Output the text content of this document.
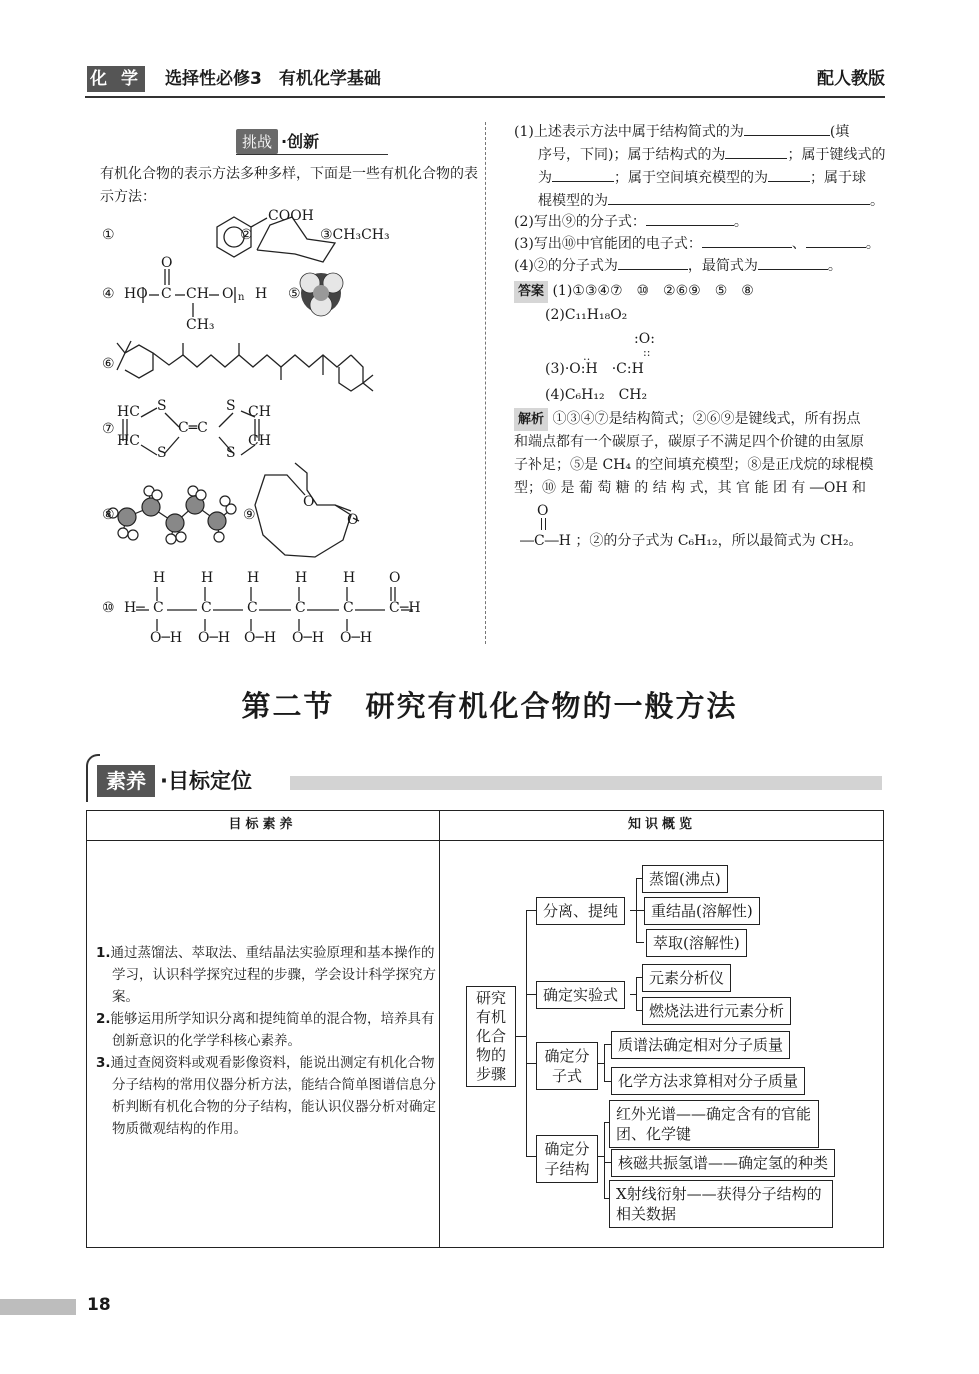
化 学 选择性必修3　有机化学基础	配人教版
挑战 ·创新
有机化合物的表示方法多种多样，下面是一些有机化合物的表示方法：
①
COOH
②	③CH₃CH₃
④ HO
O
C CH O n H
CH₃
⑤
⑥
⑦
HC
HC
S
S
C═C
S
S
CH
CH
⑧	⑨
O
O
⑩ H─
H	H H	H	H O
C	C	C	C	C	C ─H
O─H O─H O─H O─H O─H
(1)上述表示方法中属于结构简式的为	(填
序号，下同)；属于结构式的为	；属于键线式的
为	；属于空间填充模型的为	；属于球
棍模型的为	。
(2)写出⑨的分子式：	。
(3)写出⑩中官能团的电子式：	、	。
(4)②的分子式为	，最简式为	。
答案 (1)①③④⑦　⑩　②⑥⑨　⑤　⑧
(2)C₁₁H₁₈O₂
:O:
::
‥
(3)·O:H　 ·C:H
(4)C₆H₁₂　CH₂
解析 ①③④⑦是结构简式；②⑥⑨是键线式，所有拐点
和端点都有一个碳原子，碳原子不满足四个价键的由氢原
子补足；⑤是 CH₄ 的空间填充模型；⑧是正戊烷的球棍模
型；⑩ 是 葡 萄 糖 的 结 构 式，其 官 能 团 有 ―OH 和
O
―C―H ；②的分子式为 C₆H₁₂，所以最简式为 CH₂。
第二节　研究有机化合物的一般方法
素养 ·目标定位
目标素养	知识概览

1.通过蒸馏法、萃取法、重结晶法实验原理和基本操作的学习，认识科学探究过程的步骤，学会设计科学探究方案。

2.能够运用所学知识分离和提纯简单的混合物，培养具有创新意识的化学学科核心素养。

3.通过查阅资料或观看影像资料，能说出测定有机化合物分子结构的常用仪器分析方法，能结合简单图谱信息分析判断有机化合物的分子结构，能认识仪器分析对确定物质微观结构的作用。

研究有机化合物的步骤
分离、提纯
确定实验式
确定分子式
确定分子结构
蒸馏(沸点)
重结晶(溶解性)
萃取(溶解性)
元素分析仪
燃烧法进行元素分析
质谱法确定相对分子质量
化学方法求算相对分子质量
红外光谱——确定含有的官能团、化学键
核磁共振氢谱——确定氢的种类
X射线衍射——获得分子结构的相关数据
18
